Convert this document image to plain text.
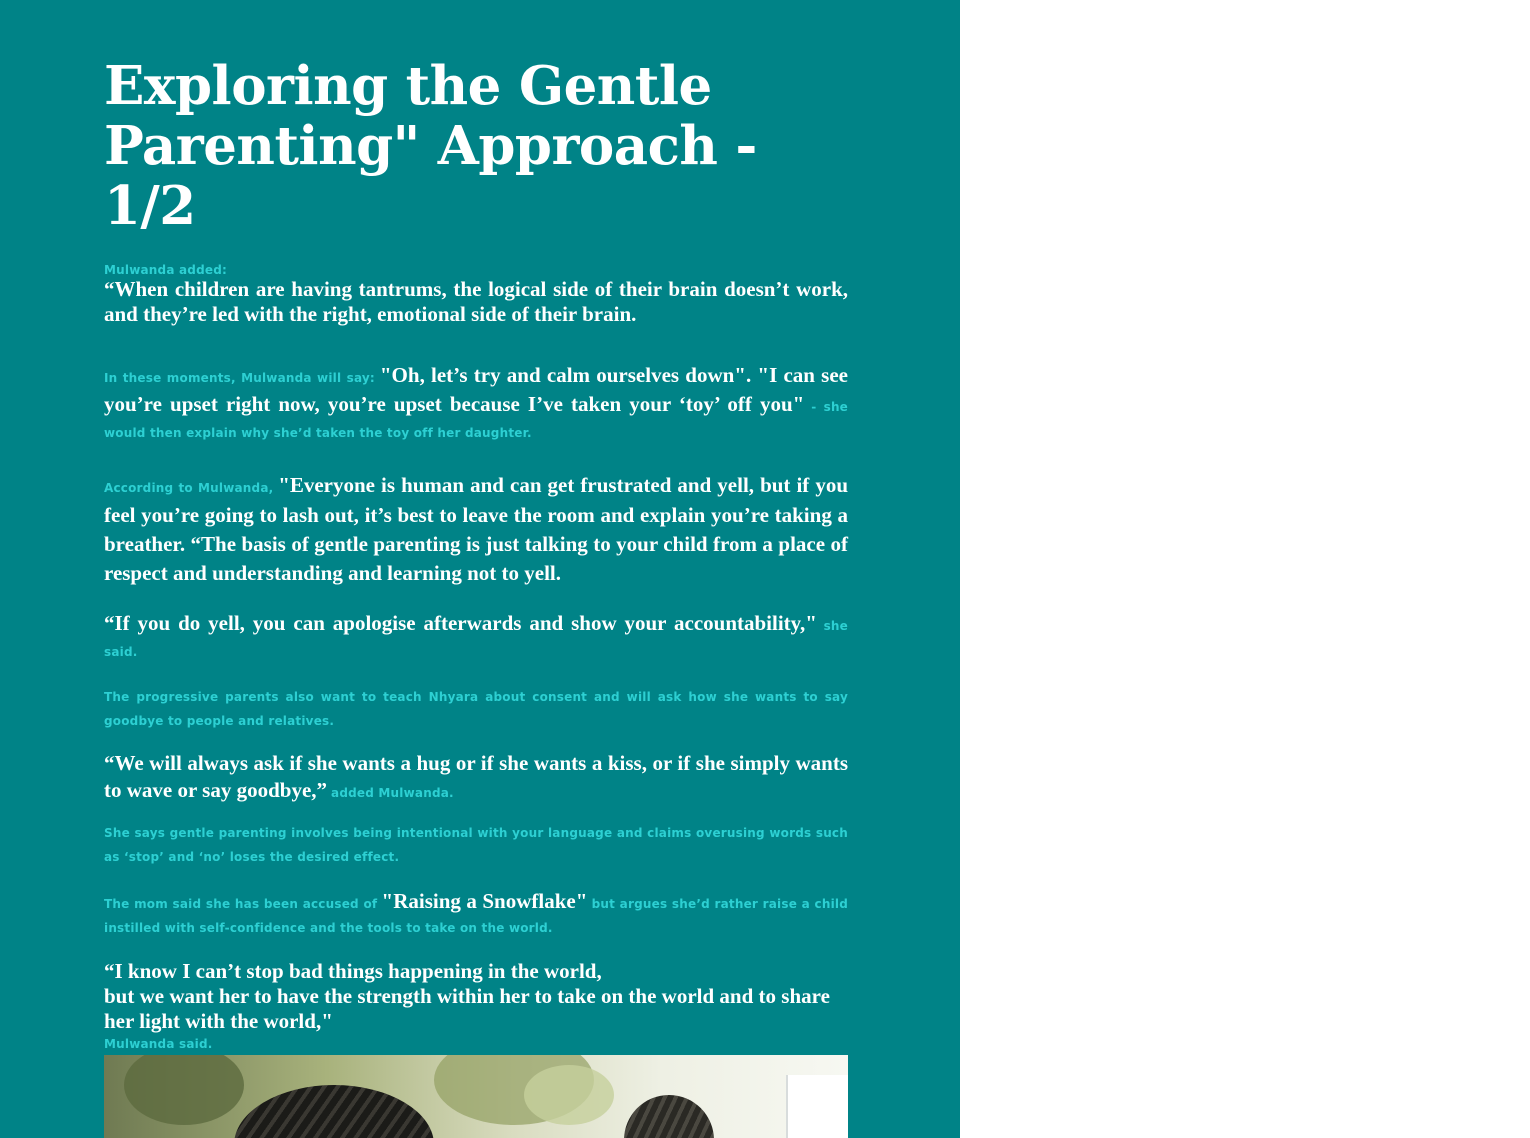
Exploring the Gentle
Parenting" Approach - 1/2

Mulwanda added:
“When children are having tantrums, the logical side of their brain doesn’t work, and they’re led with the right, emotional side of their brain.

In these moments, Mulwanda will say: "Oh, let’s try and calm ourselves down". "I can see you’re upset right now, you’re upset because I’ve taken your ‘toy’ off you" - she would then explain why she’d taken the toy off her daughter.

According to Mulwanda, "Everyone is human and can get frustrated and yell, but if you feel you’re going to lash out, it’s best to leave the room and explain you’re taking a breather. “The basis of gentle parenting is just talking to your child from a place of respect and understanding and learning not to yell.

“If you do yell, you can apologise afterwards and show your accountability," she said.

The progressive parents also want to teach Nhyara about consent and will ask how she wants to say goodbye to people and relatives.

“We will always ask if she wants a hug or if she wants a kiss, or if she simply wants to wave or say goodbye,” added Mulwanda.

She says gentle parenting involves being intentional with your language and claims overusing words such as ‘stop’ and ‘no’ loses the desired effect.

The mom said she has been accused of "Raising a Snowflake" but argues she’d rather raise a child instilled with self-confidence and the tools to take on the world.

“I know I can’t stop bad things happening in the world,
but we want her to have the strength within her to take on the world and to share her light with the world,"
Mulwanda said.
